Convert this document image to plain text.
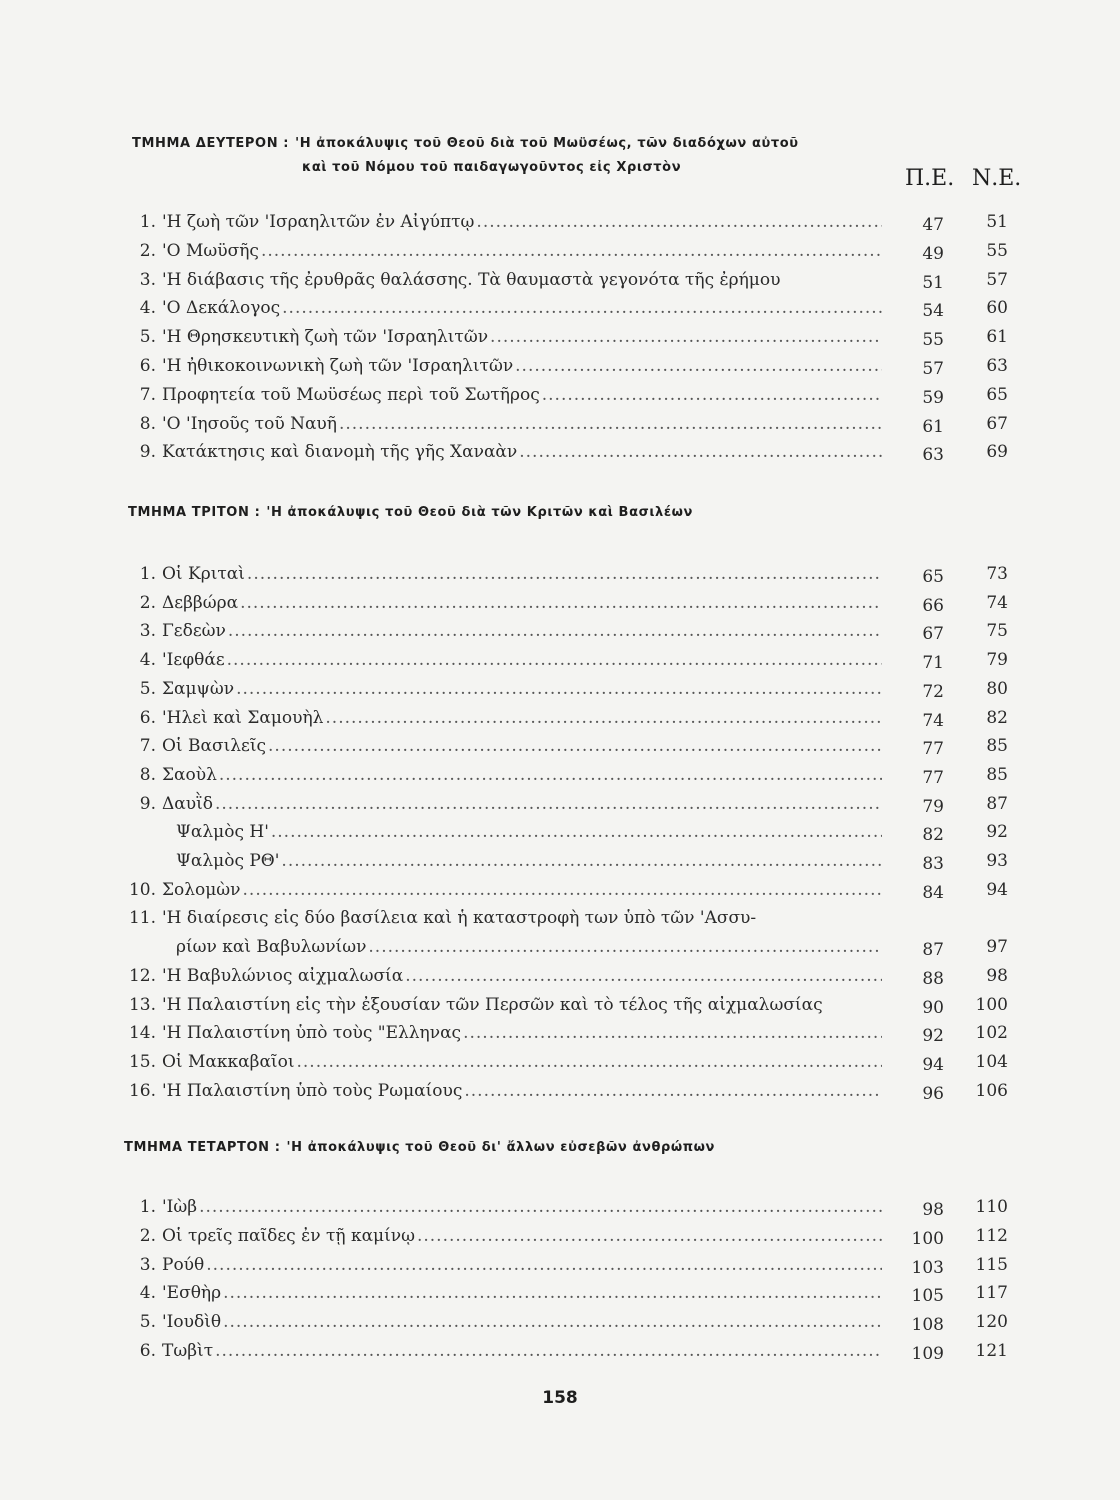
ΤΜΗΜΑ ΔΕΥΤΕΡΟΝ : 'Η ἀποκάλυψις τοῦ Θεοῦ διὰ τοῦ Μωϋσέως, τῶν διαδόχων αὐτοῦ
καὶ τοῦ Νόμου τοῦ παιδαγωγοῦντος εἰς Χριστὸν	Π.Ε. Ν.Ε.
1. 'Η ζωὴ τῶν 'Ισραηλιτῶν ἐν Αἰγύπτῳ .....	47	51
2. 'Ο Μωϋσῆς .....	49	55
3. 'Η διάβασις τῆς ἐρυθρᾶς θαλάσσης. Τὰ θαυμαστὰ γεγονότα τῆς ἐρήμου	51	57
4. 'Ο Δεκάλογος .....	54	60
5. 'Η Θρησκευτικὴ ζωὴ τῶν 'Ισραηλιτῶν .....	55	61
6. 'Η ἠθικοκοινωνικὴ ζωὴ τῶν 'Ισραηλιτῶν .....	57	63
7. Προφητεία τοῦ Μωϋσέως περὶ τοῦ Σωτῆρος .....	59	65
8. 'Ο 'Ιησοῦς τοῦ Ναυῆ .....	61	67
9. Κατάκτησις καὶ διανομὴ τῆς γῆς Χαναὰν .....	63	69
ΤΜΗΜΑ ΤΡΙΤΟΝ : 'Η ἀποκάλυψις τοῦ Θεοῦ διὰ τῶν Κριτῶν καὶ Βασιλέων
1. Οἱ Κριταὶ .....	65	73
2. Δεββώρα .....	66	74
3. Γεδεὼν .....	67	75
4. 'Ιεφθάε .....	71	79
5. Σαμψὼν .....	72	80
6. 'Ηλεὶ καὶ Σαμουὴλ .....	74	82
7. Οἱ Βασιλεῖς .....	77	85
8. Σαοὺλ .....	77	85
9. Δαυῒδ .....	79	87
Ψαλμὸς Η' .....	82	92
Ψαλμὸς ΡΘ' .....	83	93
10. Σολομὼν .....	84	94
11. 'Η διαίρεσις εἰς δύο βασίλεια καὶ ἡ καταστροφὴ των ὑπὸ τῶν 'Ασσυ-
ρίων καὶ Βαβυλωνίων .....	87	97
12. 'Η Βαβυλώνιος αἰχμαλωσία .....	88	98
13. 'Η Παλαιστίνη εἰς τὴν ἐξουσίαν τῶν Περσῶν καὶ τὸ τέλος τῆς αἰχμαλωσίας	90	100
14. 'Η Παλαιστίνη ὑπὸ τοὺς "Ελληνας .....	92	102
15. Οἱ Μακκαβαῖοι .....	94	104
16. 'Η Παλαιστίνη ὑπὸ τοὺς Ρωμαίους .....	96	106
ΤΜΗΜΑ ΤΕΤΑΡΤΟΝ : 'Η ἀποκάλυψις τοῦ Θεοῦ δι' ἄλλων εὐσεβῶν ἀνθρώπων
1. 'Ιὼβ .....	98	110
2. Οἱ τρεῖς παῖδες ἐν τῇ καμίνῳ .....	100	112
3. Ρούθ .....	103	115
4. 'Εσθὴρ .....	105	117
5. 'Ιουδὶθ .....	108	120
6. Τωβὶτ .....	109	121
158
